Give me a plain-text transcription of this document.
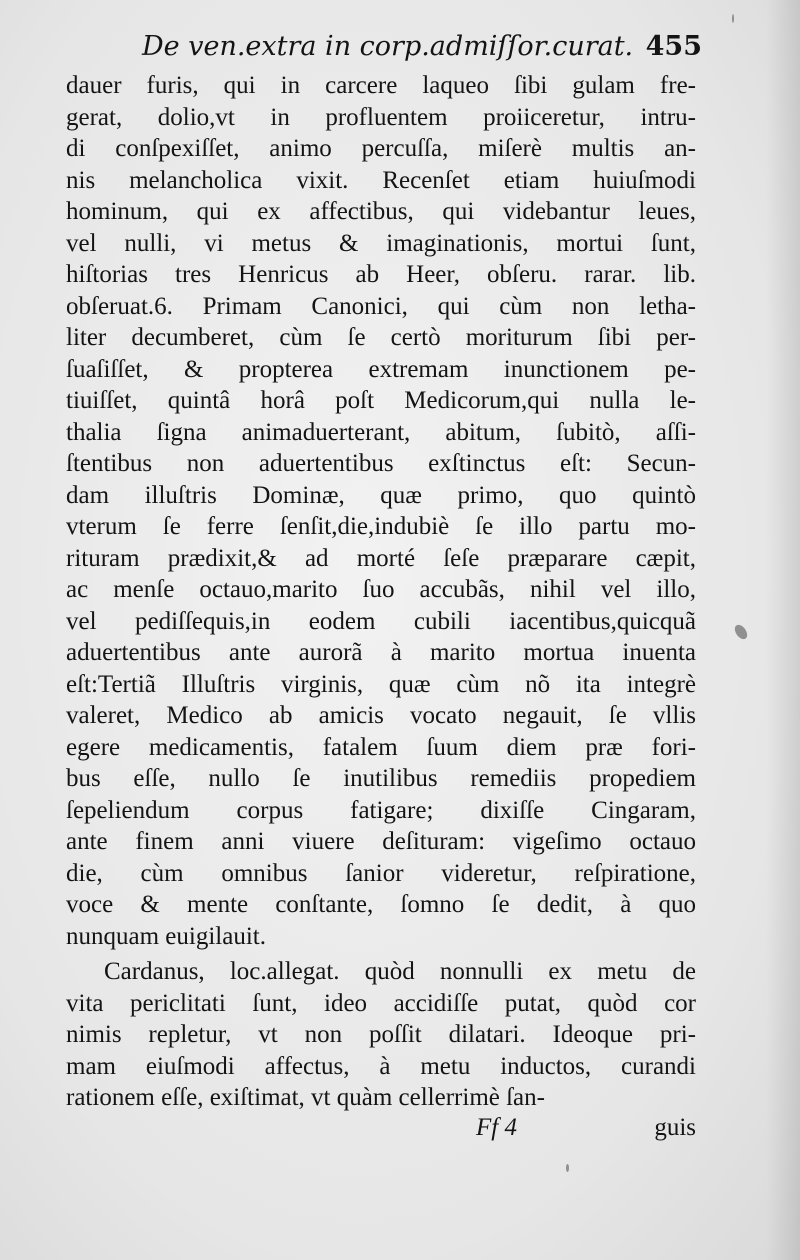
De ven.extra in corp.admiſſor.curat. 455
dauer furis, qui in carcere laqueo ſibi gulam fre-
gerat, dolio,vt in profluentem proiiceretur, intru-
di conſpexiſſet, animo percuſſa, miſerè multis an-
nis melancholica vixit. Recenſet etiam huiuſmodi
hominum, qui ex affectibus, qui videbantur leues,
vel nulli, vi metus & imaginationis, mortui ſunt,
hiſtorias tres Henricus ab Heer, obſeru. rarar. lib.
obſeruat.6. Primam Canonici, qui cùm non letha-
liter decumberet, cùm ſe certò moriturum ſibi per-
ſuaſiſſet, & propterea extremam inunctionem pe-
tiuiſſet, quintâ horâ poſt Medicorum,qui nulla le-
thalia ſigna animaduerterant, abitum, ſubitò, aſſi-
ſtentibus non aduertentibus exſtinctus eſt: Secun-
dam illuſtris Dominæ, quæ primo, quo quintò
vterum ſe ferre ſenſit,die,indubiè ſe illo partu mo-
rituram prædixit,& ad morté ſeſe præparare cæpit,
ac menſe octauo,marito ſuo accubãs, nihil vel illo,
vel pediſſequis,in eodem cubili iacentibus,quicquã
aduertentibus ante aurorã à marito mortua inuenta
eſt:Tertiã Illuſtris virginis, quæ cùm nõ ita integrè
valeret, Medico ab amicis vocato negauit, ſe vllis
egere medicamentis, fatalem ſuum diem præ fori-
bus eſſe, nullo ſe inutilibus remediis propediem
ſepeliendum corpus fatigare; dixiſſe Cingaram,
ante finem anni viuere deſituram: vigeſimo octauo
die, cùm omnibus ſanior videretur, reſpiratione,
voce & mente conſtante, ſomno ſe dedit, à quo
nunquam euigilauit.
Cardanus, loc.allegat. quòd nonnulli ex metu de
vita periclitati ſunt, ideo accidiſſe putat, quòd cor
nimis repletur, vt non poſſit dilatari. Ideoque pri-
mam eiuſmodi affectus, à metu inductos, curandi
rationem eſſe, exiſtimat, vt quàm cellerrimè ſan-
Ff 4	guis
